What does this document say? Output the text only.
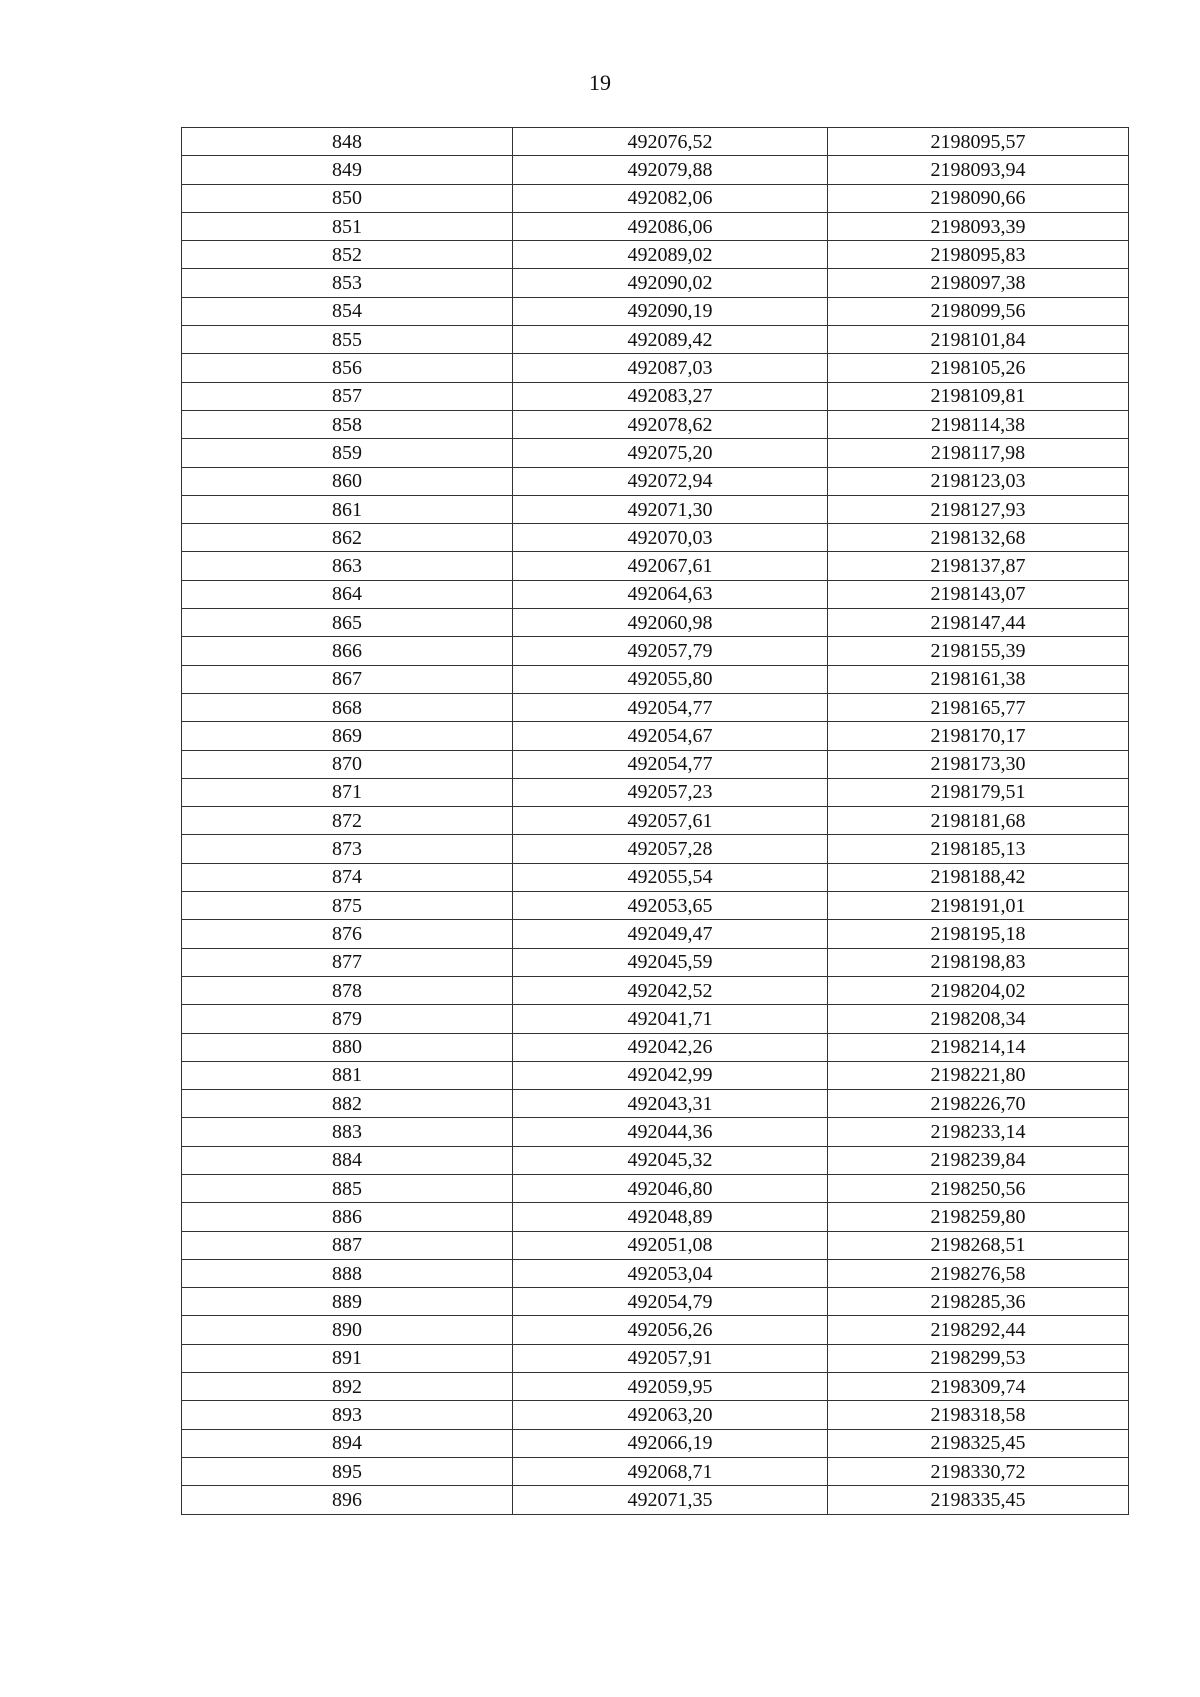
19
848	492076,52	2198095,57
849	492079,88	2198093,94
850	492082,06	2198090,66
851	492086,06	2198093,39
852	492089,02	2198095,83
853	492090,02	2198097,38
854	492090,19	2198099,56
855	492089,42	2198101,84
856	492087,03	2198105,26
857	492083,27	2198109,81
858	492078,62	2198114,38
859	492075,20	2198117,98
860	492072,94	2198123,03
861	492071,30	2198127,93
862	492070,03	2198132,68
863	492067,61	2198137,87
864	492064,63	2198143,07
865	492060,98	2198147,44
866	492057,79	2198155,39
867	492055,80	2198161,38
868	492054,77	2198165,77
869	492054,67	2198170,17
870	492054,77	2198173,30
871	492057,23	2198179,51
872	492057,61	2198181,68
873	492057,28	2198185,13
874	492055,54	2198188,42
875	492053,65	2198191,01
876	492049,47	2198195,18
877	492045,59	2198198,83
878	492042,52	2198204,02
879	492041,71	2198208,34
880	492042,26	2198214,14
881	492042,99	2198221,80
882	492043,31	2198226,70
883	492044,36	2198233,14
884	492045,32	2198239,84
885	492046,80	2198250,56
886	492048,89	2198259,80
887	492051,08	2198268,51
888	492053,04	2198276,58
889	492054,79	2198285,36
890	492056,26	2198292,44
891	492057,91	2198299,53
892	492059,95	2198309,74
893	492063,20	2198318,58
894	492066,19	2198325,45
895	492068,71	2198330,72
896	492071,35	2198335,45
